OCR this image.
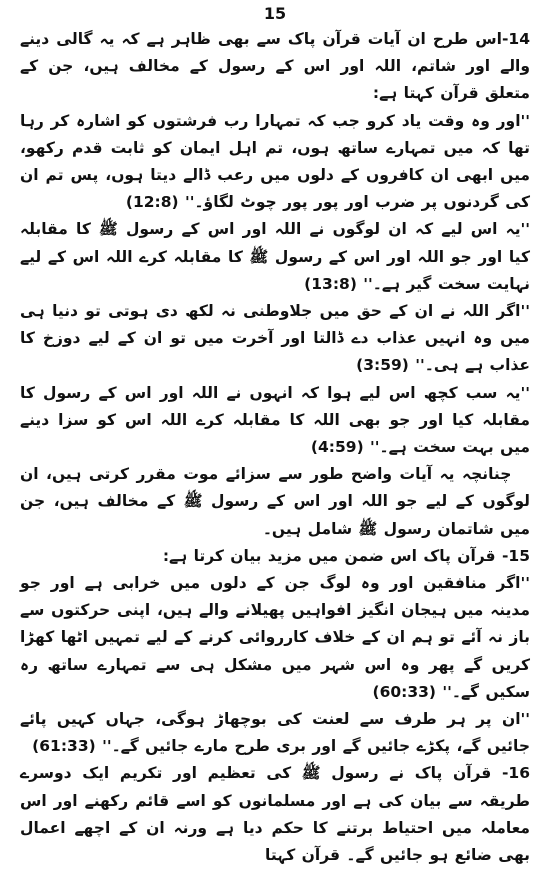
15

14-اس طرح ان آیات قرآن پاک سے بھی ظاہر ہے کہ یہ گالی دینے والے اور شاتم، اللہ اور اس کے رسول کے مخالف ہیں، جن کے متعلق قرآن کہتا ہے:

''اور وہ وقت یاد کرو جب کہ تمہارا رب فرشتوں کو اشارہ کر رہا تھا کہ میں تمہارے ساتھ ہوں، تم اہل ایمان کو ثابت قدم رکھو، میں ابھی ان کافروں کے دلوں میں رعب ڈالے دیتا ہوں، پس تم ان کی گردنوں پر ضرب اور پور پور چوٹ لگاؤ۔'' (12:8)

''یہ اس لیے کہ ان لوگوں نے اللہ اور اس کے رسول ﷺ کا مقابلہ کیا اور جو اللہ اور اس کے رسول ﷺ کا مقابلہ کرے اللہ اس کے لیے نہایت سخت گیر ہے۔'' (13:8)

''اگر اللہ نے ان کے حق میں جلاوطنی نہ لکھ دی ہوتی تو دنیا ہی میں وہ انہیں عذاب دے ڈالتا اور آخرت میں تو ان کے لیے دوزخ کا عذاب ہے ہی۔'' (3:59)

''یہ سب کچھ اس لیے ہوا کہ انہوں نے اللہ اور اس کے رسول کا مقابلہ کیا اور جو بھی اللہ کا مقابلہ کرے اللہ اس کو سزا دینے میں بہت سخت ہے۔'' (4:59)

چنانچہ یہ آیات واضح طور سے سزائے موت مقرر کرتی ہیں، ان لوگوں کے لیے جو اللہ اور اس کے رسول ﷺ کے مخالف ہیں، جن میں شاتمان رسول ﷺ شامل ہیں۔

15- قرآن پاک اس ضمن میں مزید بیان کرتا ہے:

''اگر منافقین اور وہ لوگ جن کے دلوں میں خرابی ہے اور جو مدینہ میں ہیجان انگیز افواہیں پھیلانے والے ہیں، اپنی حرکتوں سے باز نہ آئے تو ہم ان کے خلاف کارروائی کرنے کے لیے تمہیں اٹھا کھڑا کریں گے پھر وہ اس شہر میں مشکل ہی سے تمہارے ساتھ رہ سکیں گے۔'' (60:33)

''ان پر ہر طرف سے لعنت کی بوچھاڑ ہوگی، جہاں کہیں پائے جائیں گے، پکڑے جائیں گے اور بری طرح مارے جائیں گے۔'' (61:33)

16- قرآن پاک نے رسول ﷺ کی تعظیم اور تکریم ایک دوسرے طریقہ سے بیان کی ہے اور مسلمانوں کو اسے قائم رکھنے اور اس معاملہ میں احتیاط برتنے کا حکم دیا ہے ورنہ ان کے اچھے اعمال بھی ضائع ہو جائیں گے۔ قرآن کہتا
